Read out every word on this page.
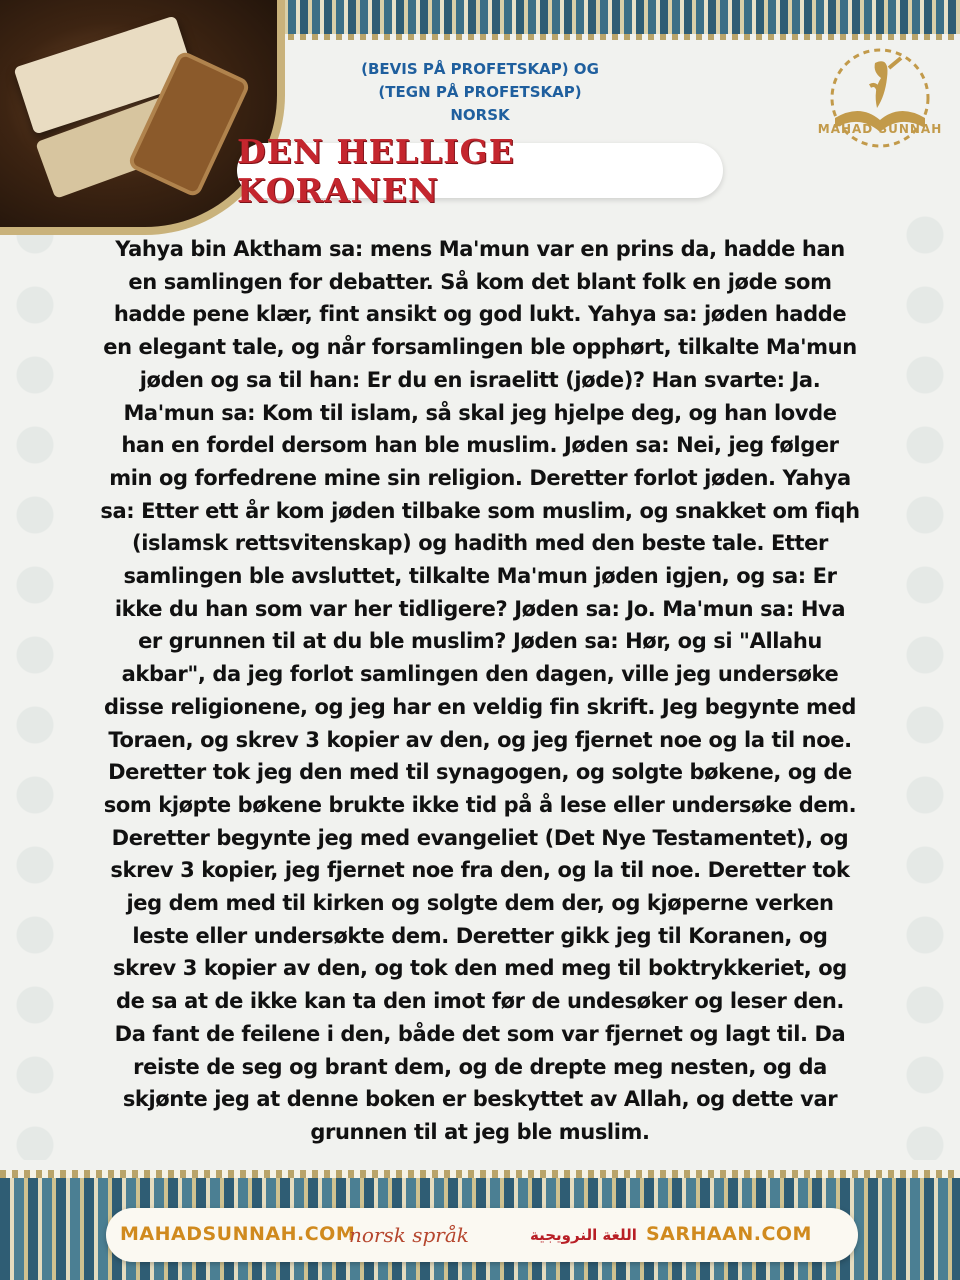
MAHAD SUNNAH
(BEVIS PÅ PROFETSKAP) OG
(TEGN PÅ PROFETSKAP)
NORSK
DEN HELLIGE KORANEN

Yahya bin Aktham sa: mens Ma'mun var en prins da, hadde han en samlingen for debatter. Så kom det blant folk en jøde som hadde pene klær, fint ansikt og god lukt. Yahya sa: jøden hadde en elegant tale, og når forsamlingen ble opphørt, tilkalte Ma'mun jøden og sa til han: Er du en israelitt (jøde)? Han svarte: Ja. Ma'mun sa: Kom til islam, så skal jeg hjelpe deg, og han lovde han en fordel dersom han ble muslim. Jøden sa: Nei, jeg følger min og forfedrene mine sin religion. Deretter forlot jøden. Yahya sa: Etter ett år kom jøden tilbake som muslim, og snakket om fiqh (islamsk rettsvitenskap) og hadith med den beste tale. Etter samlingen ble avsluttet, tilkalte Ma'mun jøden igjen, og sa: Er ikke du han som var her tidligere? Jøden sa: Jo. Ma'mun sa: Hva er grunnen til at du ble muslim? Jøden sa: Hør, og si "Allahu akbar", da jeg forlot samlingen den dagen, ville jeg undersøke disse religionene, og jeg har en veldig fin skrift. Jeg begynte med Toraen, og skrev 3 kopier av den, og jeg fjernet noe og la til noe. Deretter tok jeg den med til synagogen, og solgte bøkene, og de som kjøpte bøkene brukte ikke tid på å lese eller undersøke dem. Deretter begynte jeg med evangeliet (Det Nye Testamentet), og skrev 3 kopier, jeg fjernet noe fra den, og la til noe. Deretter tok jeg dem med til kirken og solgte dem der, og kjøperne verken leste eller undersøkte dem. Deretter gikk jeg til Koranen, og skrev 3 kopier av den, og tok den med meg til boktrykkeriet, og de sa at de ikke kan ta den imot før de undesøker og leser den. Da fant de feilene i den, både det som var fjernet og lagt til. Da reiste de seg og brant dem, og de drepte meg nesten, og da skjønte jeg at denne boken er beskyttet av Allah, og dette var grunnen til at jeg ble muslim.

MAHADSUNNAH.COM
norsk språk	اللغة النرويجية SARHAAN.COM
